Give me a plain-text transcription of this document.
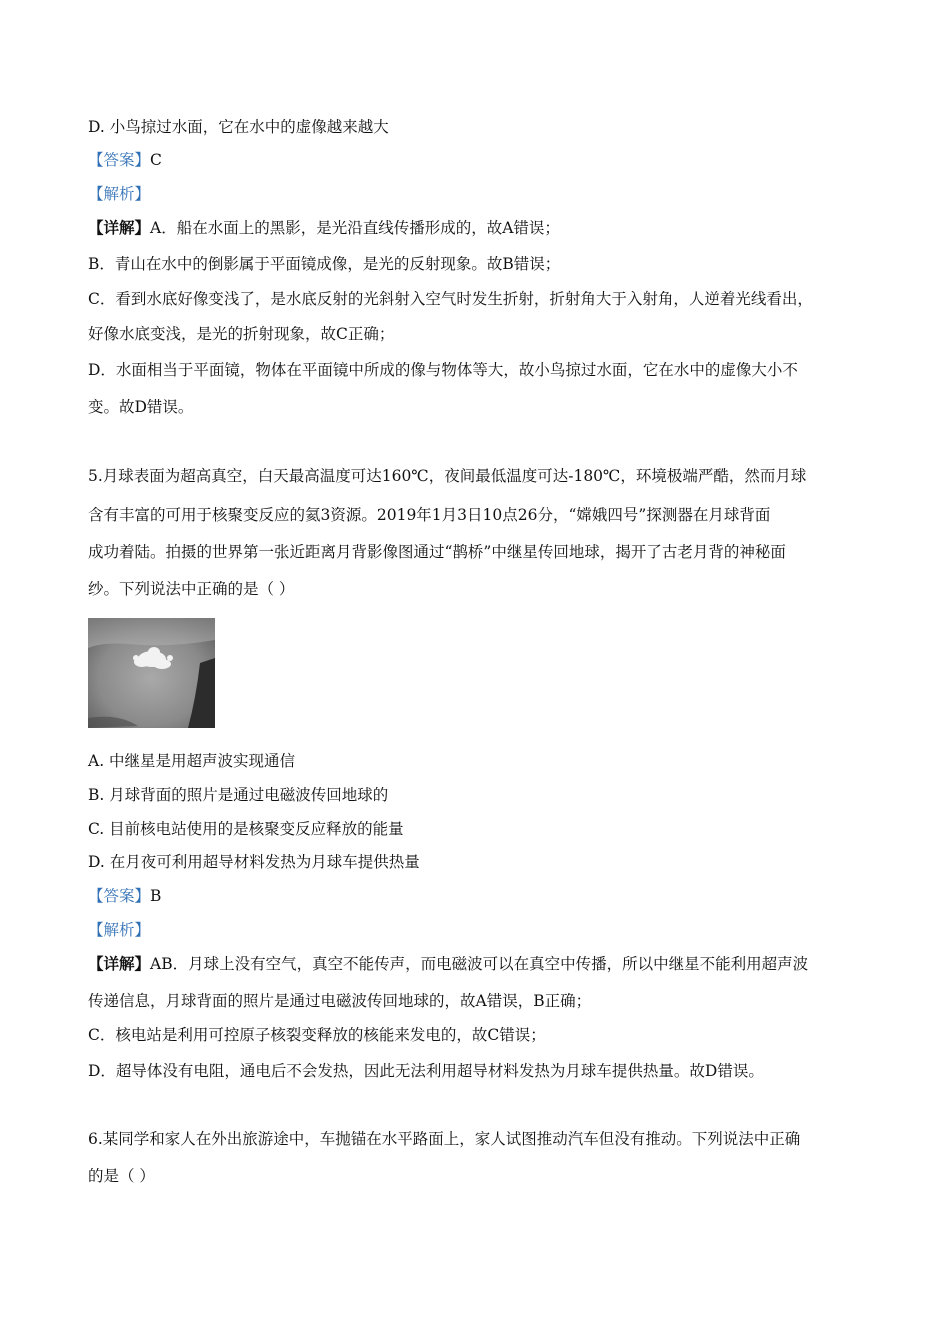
D. 小鸟掠过水面，它在水中的虚像越来越大
【答案】C
【解析】
【详解】A．船在水面上的黑影，是光沿直线传播形成的，故A错误；
B．青山在水中的倒影属于平面镜成像，是光的反射现象。故B错误；
C．看到水底好像变浅了，是水底反射的光斜射入空气时发生折射，折射角大于入射角，人逆着光线看出，
好像水底变浅，是光的折射现象，故C正确；
D．水面相当于平面镜，物体在平面镜中所成的像与物体等大，故小鸟掠过水面，它在水中的虚像大小不
变。故D错误。
5.月球表面为超高真空，白天最高温度可达160℃，夜间最低温度可达-180℃，环境极端严酷，然而月球
含有丰富的可用于核聚变反应的氦3资源。2019年1月3日10点26分，“嫦娥四号”探测器在月球背面
成功着陆。拍摄的世界第一张近距离月背影像图通过“鹊桥”中继星传回地球，揭开了古老月背的神秘面
纱。下列说法中正确的是（ ）
A. 中继星是用超声波实现通信
B. 月球背面的照片是通过电磁波传回地球的
C. 目前核电站使用的是核聚变反应释放的能量
D. 在月夜可利用超导材料发热为月球车提供热量
【答案】B
【解析】
【详解】AB．月球上没有空气，真空不能传声，而电磁波可以在真空中传播，所以中继星不能利用超声波
传递信息，月球背面的照片是通过电磁波传回地球的，故A错误，B正确；
C．核电站是利用可控原子核裂变释放的核能来发电的，故C错误；
D．超导体没有电阻，通电后不会发热，因此无法利用超导材料发热为月球车提供热量。故D错误。
6.某同学和家人在外出旅游途中，车抛锚在水平路面上，家人试图推动汽车但没有推动。下列说法中正确
的是（ ）
